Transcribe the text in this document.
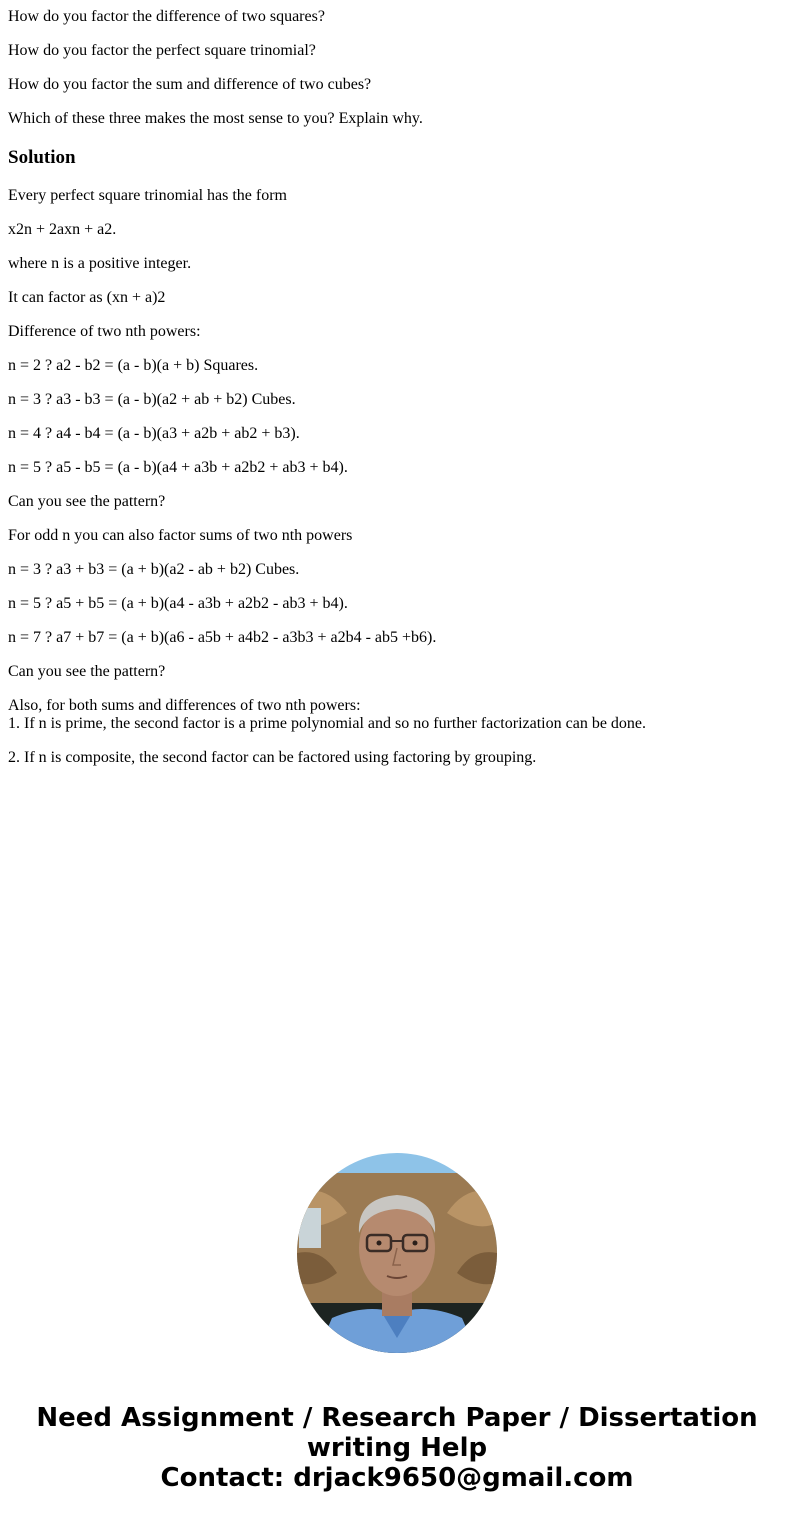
How do you factor the difference of two squares?
How do you factor the perfect square trinomial?
How do you factor the sum and difference of two cubes?
Which of these three makes the most sense to you? Explain why.
Solution
Every perfect square trinomial has the form
x2n + 2axn + a2.
where n is a positive integer.
It can factor as (xn + a)2
Difference of two nth powers:
n = 2 ? a2 - b2 = (a - b)(a + b) Squares.
n = 3 ? a3 - b3 = (a - b)(a2 + ab + b2) Cubes.
n = 4 ? a4 - b4 = (a - b)(a3 + a2b + ab2 + b3).
n = 5 ? a5 - b5 = (a - b)(a4 + a3b + a2b2 + ab3 + b4).
Can you see the pattern?
For odd n you can also factor sums of two nth powers
n = 3 ? a3 + b3 = (a + b)(a2 - ab + b2) Cubes.
n = 5 ? a5 + b5 = (a + b)(a4 - a3b + a2b2 - ab3 + b4).
n = 7 ? a7 + b7 = (a + b)(a6 - a5b + a4b2 - a3b3 + a2b4 - ab5 +b6).
Can you see the pattern?
Also, for both sums and differences of two nth powers:
1. If n is prime, the second factor is a prime polynomial and so no further factorization can be done.
2. If n is composite, the second factor can be factored using factoring by grouping.
Need Assignment / Research Paper / Dissertation
writing Help
Contact: drjack9650@gmail.com
